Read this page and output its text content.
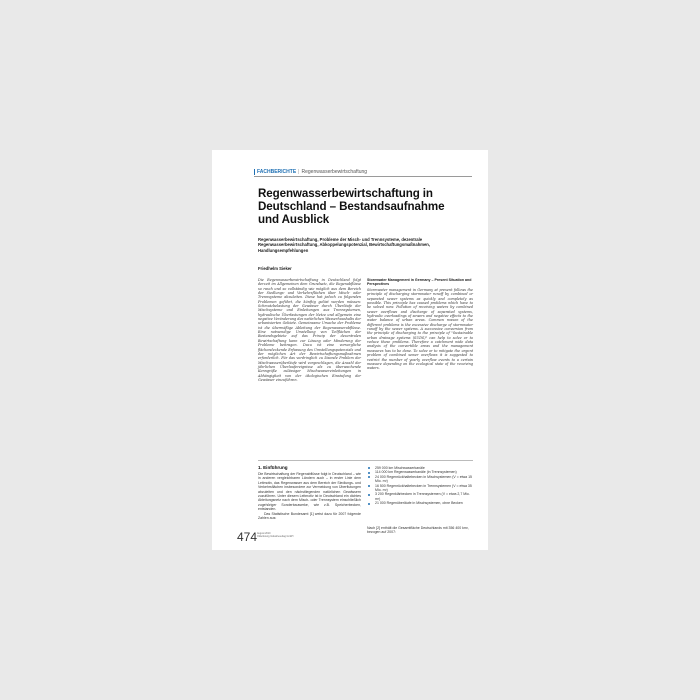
FACHBERICHTE | Regenwasserbewirtschaftung
Regenwasserbewirtschaftung in Deutschland – Bestandsaufnahme und Ausblick
Regenwasserbewirtschaftung, Probleme der Misch- und Trennsysteme, dezentrale Regenwasserbewirtschaftung, Abkoppelungspotenzial, Bewirtschaftungsmaßnahmen, Handlungsempfehlungen
Friedhelm Sieker
Die Regenwasserbewirtschaftung in Deutschland folgt derzeit im Allgemeinen dem Grundsatz, die Regenabflüsse so rasch und so vollständig wie möglich aus dem Bereich der Siedlungs- und Verkehrsflächen über Misch- oder Trennsysteme abzuleiten. Diese hat jedoch zu folgenden Problemen geführt, die künftig gelöst werden müssen: Schmutzbelastung der Gewässer durch Überläufe der Mischsysteme und Einleitungen aus Trennsystemen, hydraulische Überlastungen der Netze und allgemein eine negative Veränderung des natürlichen Wasserhaushalts der urbanisierten Gebiete. Gemeinsame Ursache der Probleme ist die übermäßige Ableitung der Regenwasserabflüsse. Eine notwendige Umstellung von Teilflächen der Bestandsgebiete auf das Prinzip der dezentralen Bewirtschaftung kann zur Lösung oder Minderung der Probleme beitragen. Dazu ist eine vorsorgliche flächendeckende Erfassung des Umstellungspotenzials und der möglichen Art der Bewirtschaftungsmaßnahmen erforderlich. Für das vordringlich zu lösende Problem der Mischwasserüberläufe wird vorgeschlagen, die Anzahl der jährlichen Überlaufereignisse als zu überwachende Kenngröße zulässiger Mischwassereinleitungen in Abhängigkeit von der ökologischen Einstufung der Gewässer einzuführen.
Stormwater Management in Germany – Present Situation and Perspectives
Stormwater management in Germany at present follows the principle of discharging stormwater runoff by combined or separated sewer systems as quickly and completely as possible. This principle has caused problems which have to be solved now: Pollution of receiving waters by combined sewer overflows and discharge of separated systems, hydraulic overloadings of sewers and negative effects to the water balance of urban areas. Common reason of the different problems is the excessive discharge of stormwater runoff by the sewer systems. A successive conversion from the principle of discharging to the principle of "Sustainable urban drainage systems (SUDS)" can help to solve or to reduce these problems. Therefore a catchment wide data analysis of the convertible areas and the management measures has to be done. To solve or to mitigate the urgent problem of combined sewer overflows it is suggested to restrict the number of yearly overflow events to a certain measure depending on the ecological state of the receiving waters.
1. Einführung

Die Bewirtschaftung der Regenabflüsse folgt in Deutschland – wie in anderen vergleichbaren Ländern auch – in erster Linie dem Leitmotiv, das Regenwasser aus dem Bereich der Siedlungs- und Verkehrsflächen insbesondere zur Vermeidung von Überflutungen abzuleiten und den nächstliegenden natürlichen Gewässern zuzuführen. Unter diesem Leitmotiv ist in Deutschland ein dichtes Ableitungsnetz nach dem Misch- oder Trennsystem einschließlich zugehöriger Sonderbauwerke, wie z.B. Speicherbecken, entstanden.

Das Statistische Bundesamt [1] weist dazu für 2007 folgende Zahlen aus:

259 000 km Mischwasserkanäle
114 000 km Regenwasserkanäle (in Trennsystemen)
24 000 Regenrückhaltebecken in Mischsystemen (V = etwa 15 Mio. m³)
16 500 Regenrückhaltebecken in Trennsystemen (V = etwa 35 Mio. m³)
3 200 Regenklärbecken in Trennsystemen (V = etwa 2,7 Mio. m³)
21 000 Regenüberläufe in Mischsystemen, ohne Becken
Nach [2] enthält die Gesamtfläche Deutschlands mit 356 400 km², bezogen auf 2007:
474 August 2010
Oldenbourg Industrieverlag GmbH
